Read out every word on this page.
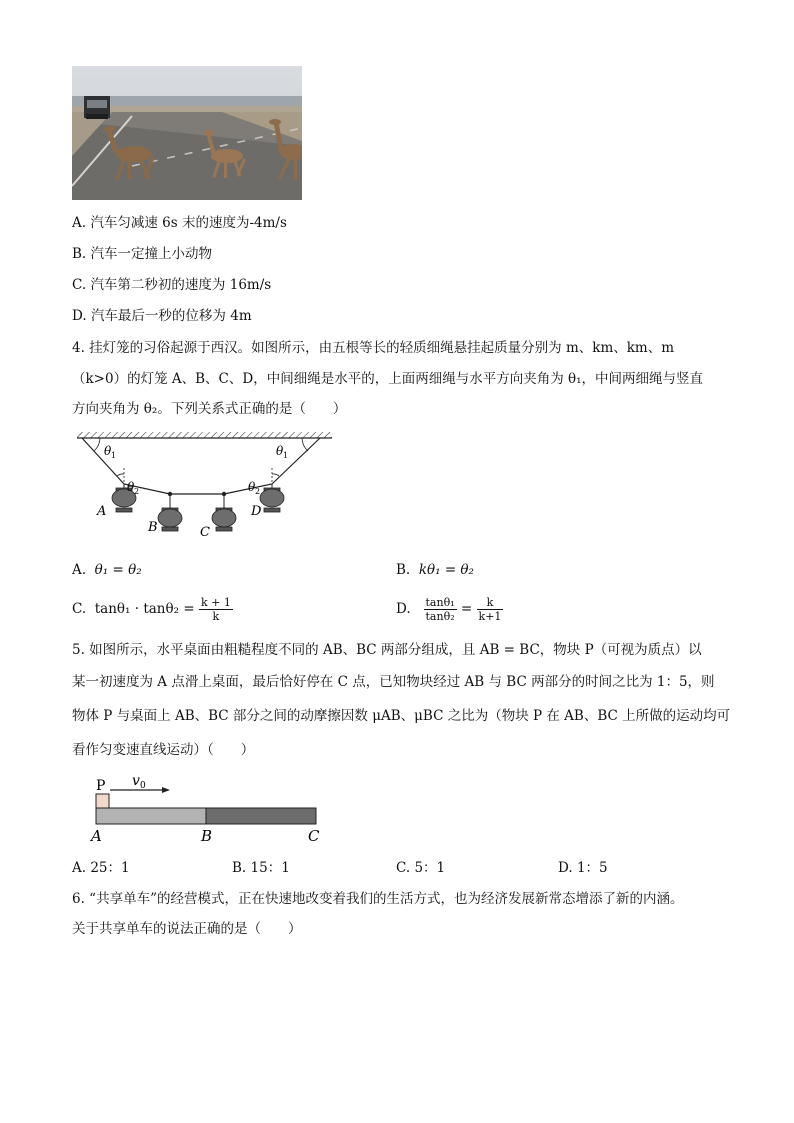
A. 汽车匀减速 6s 末的速度为-4m/s
B. 汽车一定撞上小动物
C. 汽车第二秒初的速度为 16m/s
D. 汽车最后一秒的位移为 4m
4. 挂灯笼的习俗起源于西汉。如图所示，由五根等长的轻质细绳悬挂起质量分别为 m、km、km、m
（k>0）的灯笼 A、B、C、D，中间细绳是水平的，上面两细绳与水平方向夹角为 θ₁，中间两细绳与竖直
方向夹角为 θ₂。下列关系式正确的是（　　）
θ 1	θ 1
θ 2	θ 2
A
B	C
D
A. θ₁ = θ₂	B. kθ₁ = θ₂
C. $\tan\theta_1 \cdot \tan\theta_2 = \frac{k + 1}{k}$	D. $\frac{\text{tanθ₁}}{\text{tanθ₂}} = \frac{k}{k+1}$
5. 如图所示，水平桌面由粗糙程度不同的 AB、BC 两部分组成，且 AB = BC，物块 P（可视为质点）以
某一初速度为 A 点滑上桌面，最后恰好停在 C 点，已知物块经过 AB 与 BC 两部分的时间之比为 1：5，则
物体 P 与桌面上 AB、BC 部分之间的动摩擦因数 μAB、μBC 之比为（物块 P 在 AB、BC 上所做的运动均可
看作匀变速直线运动）（　　）
P v 0
A	B	C
A. 25：1	B. 15：1	C. 5：1	D. 1：5
6. “共享单车”的经营模式，正在快速地改变着我们的生活方式，也为经济发展新常态增添了新的内涵。
关于共享单车的说法正确的是（　　）
